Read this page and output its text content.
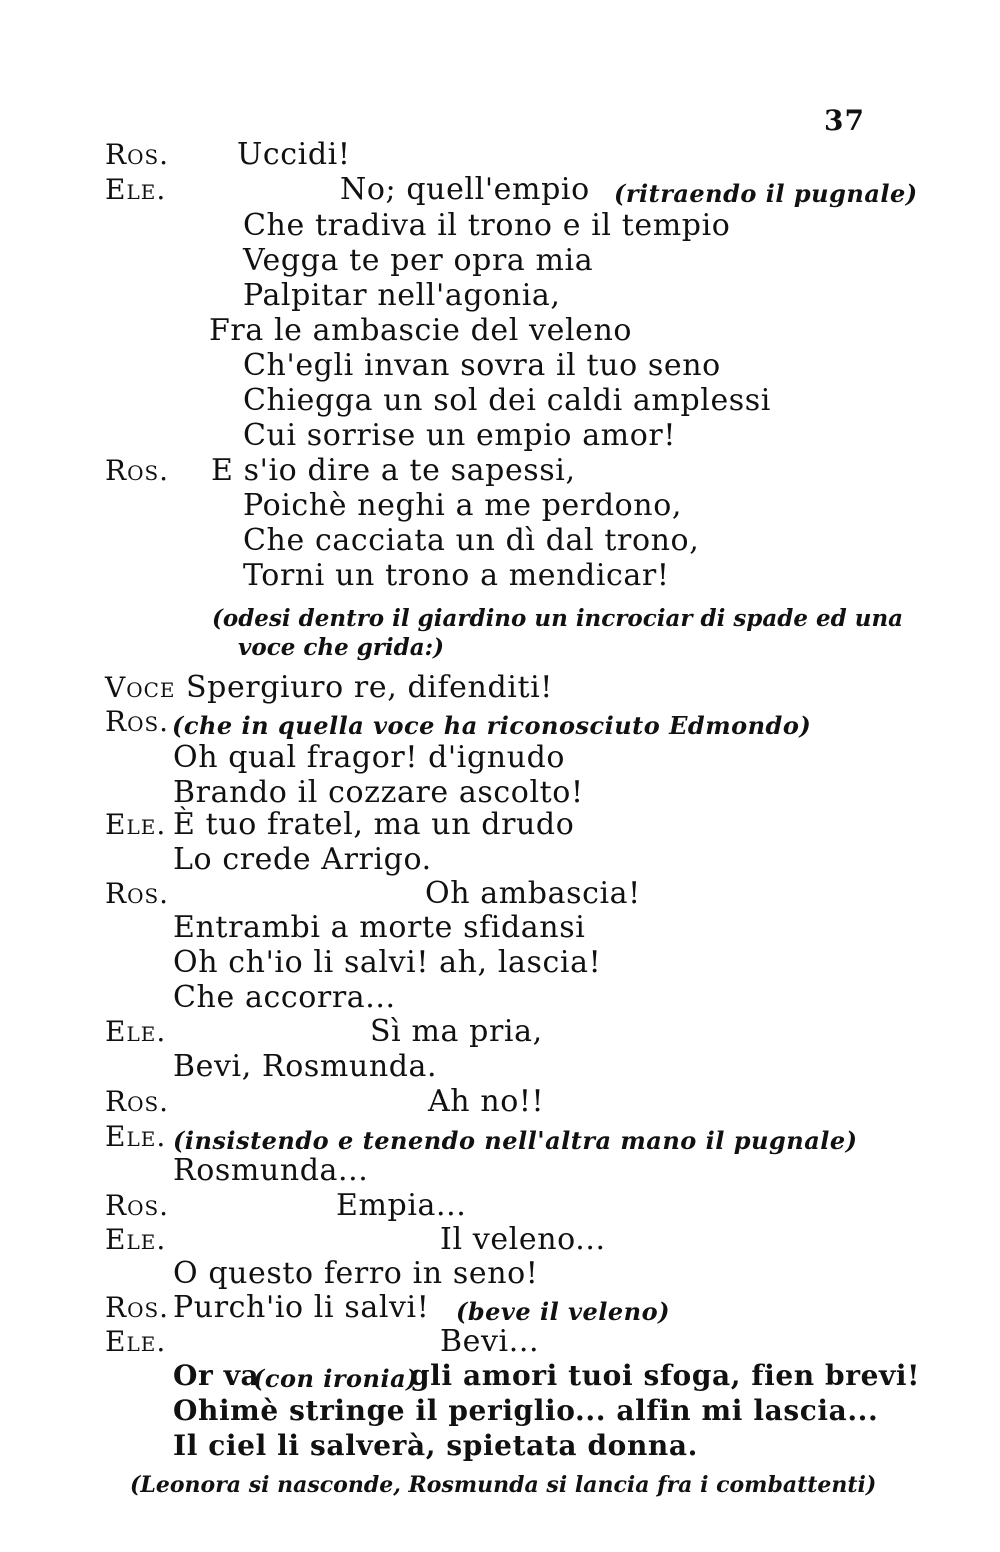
37
Ros. Uccidi!
Ele.	No; quell'empio (ritraendo il pugnale)
Che tradiva il trono e il tempio
Vegga te per opra mia
Palpitar nell'agonia,
Fra le ambascie del veleno
Ch'egli invan sovra il tuo seno
Chiegga un sol dei caldi amplessi
Cui sorrise un empio amor!
Ros. E s'io dire a te sapessi,
Poichè neghi a me perdono,
Che cacciata un dì dal trono,
Torni un trono a mendicar!
(odesi dentro il giardino un incrociar di spade ed una
voce che grida:)
Voce Spergiuro re, difenditi!
Ros. (che in quella voce ha riconosciuto Edmondo)
Oh qual fragor! d'ignudo
Brando il cozzare ascolto!
Ele. È tuo fratel, ma un drudo
Lo crede Arrigo.
Ros.	Oh ambascia!
Entrambi a morte sfidansi
Oh ch'io li salvi! ah, lascia!
Che accorra...
Ele.	Sì ma pria,
Bevi, Rosmunda.
Ros.	Ah no!!
Ele. (insistendo e tenendo nell'altra mano il pugnale)
Rosmunda...
Ros.	Empia...
Ele.	Il veleno...
O questo ferro in seno!
Ros. Purch'io li salvi! (beve il veleno)
Ele.	Bevi...
Or va
(con ironia)
gli amori tuoi sfoga, fien brevi!
Ohimè stringe il periglio... alfin mi lascia...
Il ciel li salverà, spietata donna.
(Leonora si nasconde, Rosmunda si lancia fra i combattenti)
